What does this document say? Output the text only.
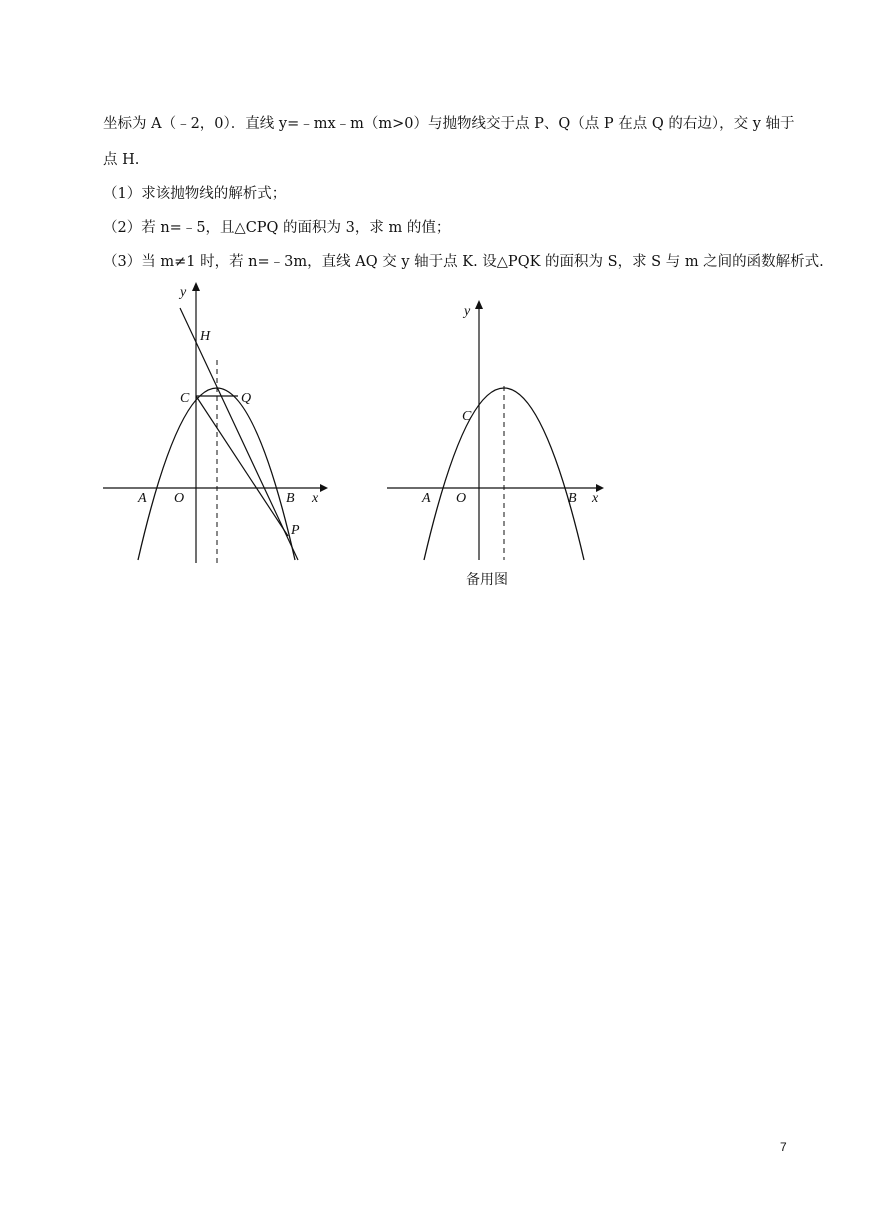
坐标为 A（﹣2，0）．直线 y=﹣mx﹣m（m>0）与抛物线交于点 P、Q（点 P 在点 Q 的右边），交 y 轴于
点 H.
（1）求该抛物线的解析式；
（2）若 n=﹣5，且△CPQ 的面积为 3，求 m 的值；
（3）当 m≠1 时，若 n=﹣3m，直线 AQ 交 y 轴于点 K. 设△PQK 的面积为 S，求 S 与 m 之间的函数解析式.
H
C	Q
A O	B x
y
P
C
A O	B x
y
备用图
7
